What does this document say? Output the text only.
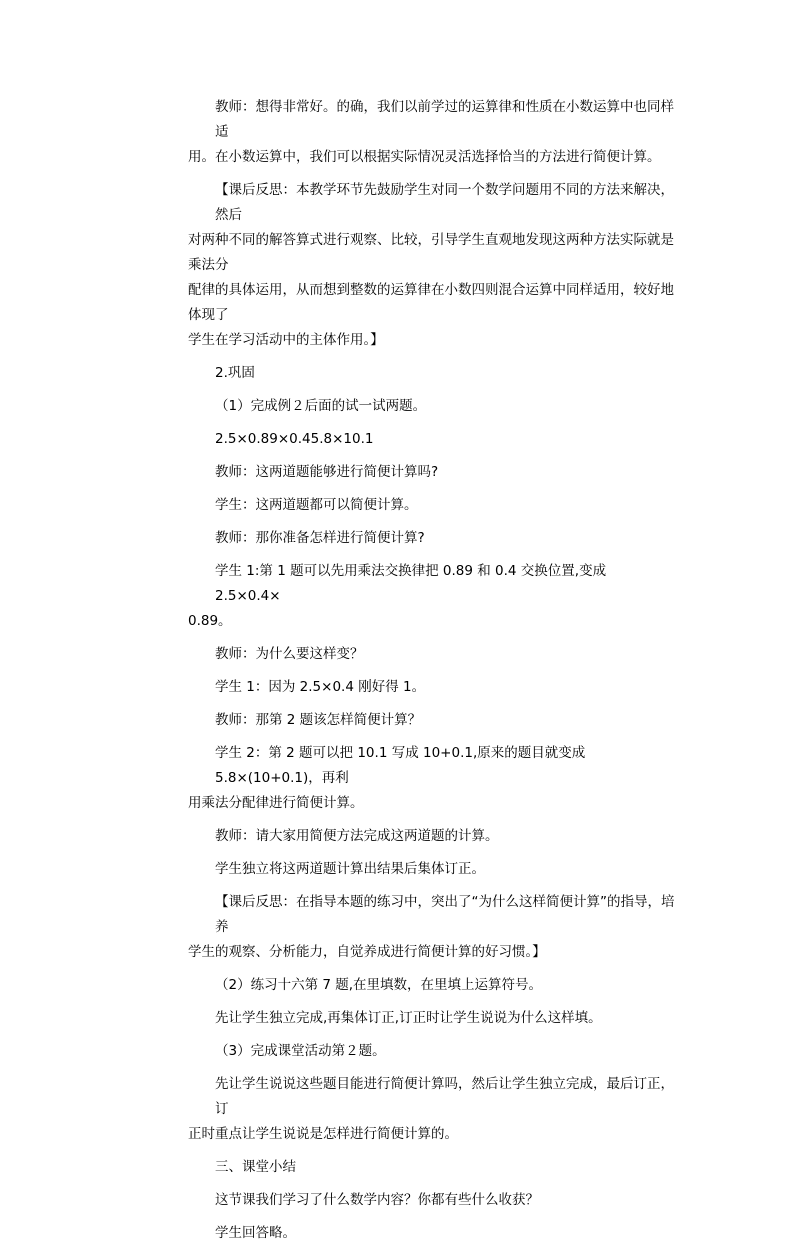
教师：想得非常好。的确，我们以前学过的运算律和性质在小数运算中也同样适

用。在小数运算中，我们可以根据实际情况灵活选择恰当的方法进行简便计算。

【课后反思：本教学环节先鼓励学生对同一个数学问题用不同的方法来解决，然后

对两种不同的解答算式进行观察、比较，引导学生直观地发现这两种方法实际就是乘法分

配律的具体运用，从而想到整数的运算律在小数四则混合运算中同样适用，较好地体现了

学生在学习活动中的主体作用。】

2.巩固

（1）完成例２后面的试一试两题。

2.5×0.89×0.45.8×10.1

教师：这两道题能够进行简便计算吗?

学生：这两道题都可以简便计算。

教师：那你准备怎样进行简便计算?

学生 1:第 1 题可以先用乘法交换律把 0.89 和 0.4 交换位置,变成 2.5×0.4×

0.89。

教师：为什么要这样变？

学生 1：因为 2.5×0.4 刚好得 1。

教师：那第 2 题该怎样简便计算？

学生 2：第 2 题可以把 10.1 写成 10+0.1,原来的题目就变成 5.8×(10+0.1)，再利

用乘法分配律进行简便计算。

教师：请大家用简便方法完成这两道题的计算。

学生独立将这两道题计算出结果后集体订正。

【课后反思：在指导本题的练习中，突出了“为什么这样简便计算”的指导，培养

学生的观察、分析能力，自觉养成进行简便计算的好习惯。】

（2）练习十六第 7 题,在里填数，在里填上运算符号。

先让学生独立完成,再集体订正,订正时让学生说说为什么这样填。

（3）完成课堂活动第２题。

先让学生说说这些题目能进行简便计算吗，然后让学生独立完成，最后订正，订

正时重点让学生说说是怎样进行简便计算的。

三、课堂小结

这节课我们学习了什么数学内容？你都有些什么收获？

学生回答略。
